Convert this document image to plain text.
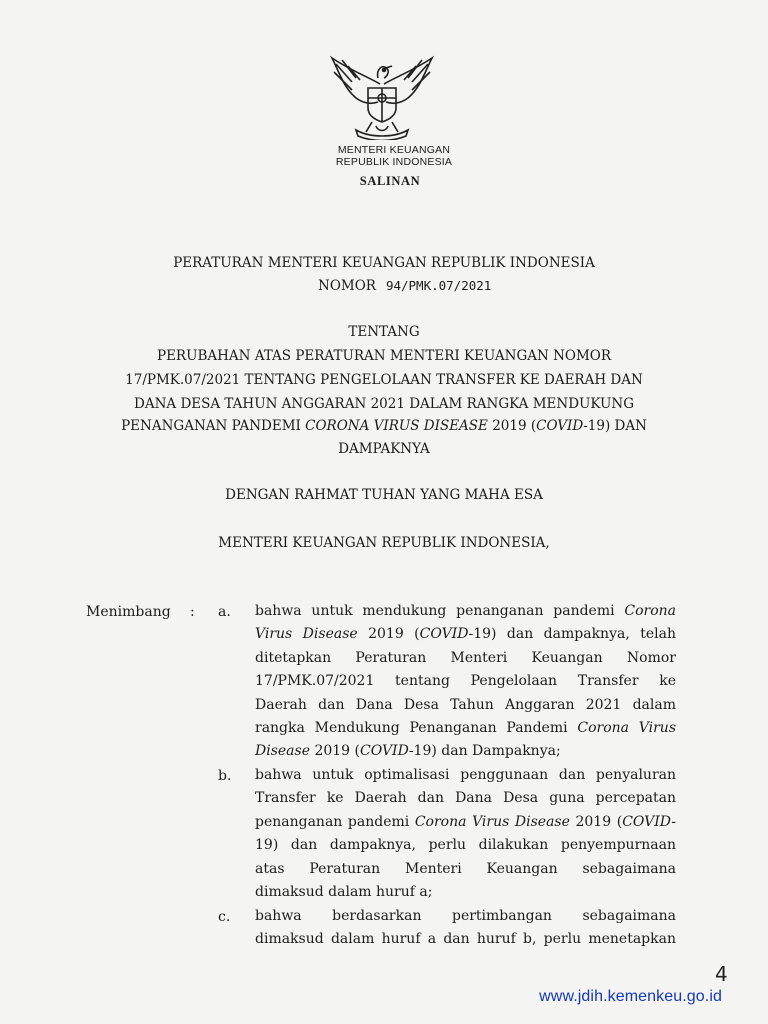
MENTERI KEUANGAN
REPUBLIK INDONESIA
SALINAN
PERATURAN MENTERI KEUANGAN REPUBLIK INDONESIA
NOMOR 94/PMK.07/2021
TENTANG
PERUBAHAN ATAS PERATURAN MENTERI KEUANGAN NOMOR
17/PMK.07/2021 TENTANG PENGELOLAAN TRANSFER KE DAERAH DAN
DANA DESA TAHUN ANGGARAN 2021 DALAM RANGKA MENDUKUNG
PENANGANAN PANDEMI CORONA VIRUS DISEASE 2019 (COVID-19) DAN
DAMPAKNYA
DENGAN RAHMAT TUHAN YANG MAHA ESA
MENTERI KEUANGAN REPUBLIK INDONESIA,
Menimbang : a. bahwa untuk mendukung penanganan pandemi Corona
Virus Disease 2019 (COVID-19) dan dampaknya, telah
ditetapkan Peraturan Menteri Keuangan Nomor
17/PMK.07/2021 tentang Pengelolaan Transfer ke
Daerah dan Dana Desa Tahun Anggaran 2021 dalam
rangka Mendukung Penanganan Pandemi Corona Virus
Disease 2019 (COVID-19) dan Dampaknya;
b. bahwa untuk optimalisasi penggunaan dan penyaluran
Transfer ke Daerah dan Dana Desa guna percepatan
penanganan pandemi Corona Virus Disease 2019 (COVID-
19) dan dampaknya, perlu dilakukan penyempurnaan
atas Peraturan Menteri Keuangan sebagaimana
dimaksud dalam huruf a;
c. bahwa berdasarkan pertimbangan sebagaimana
dimaksud dalam huruf a dan huruf b, perlu menetapkan
4
www.jdih.kemenkeu.go.id
